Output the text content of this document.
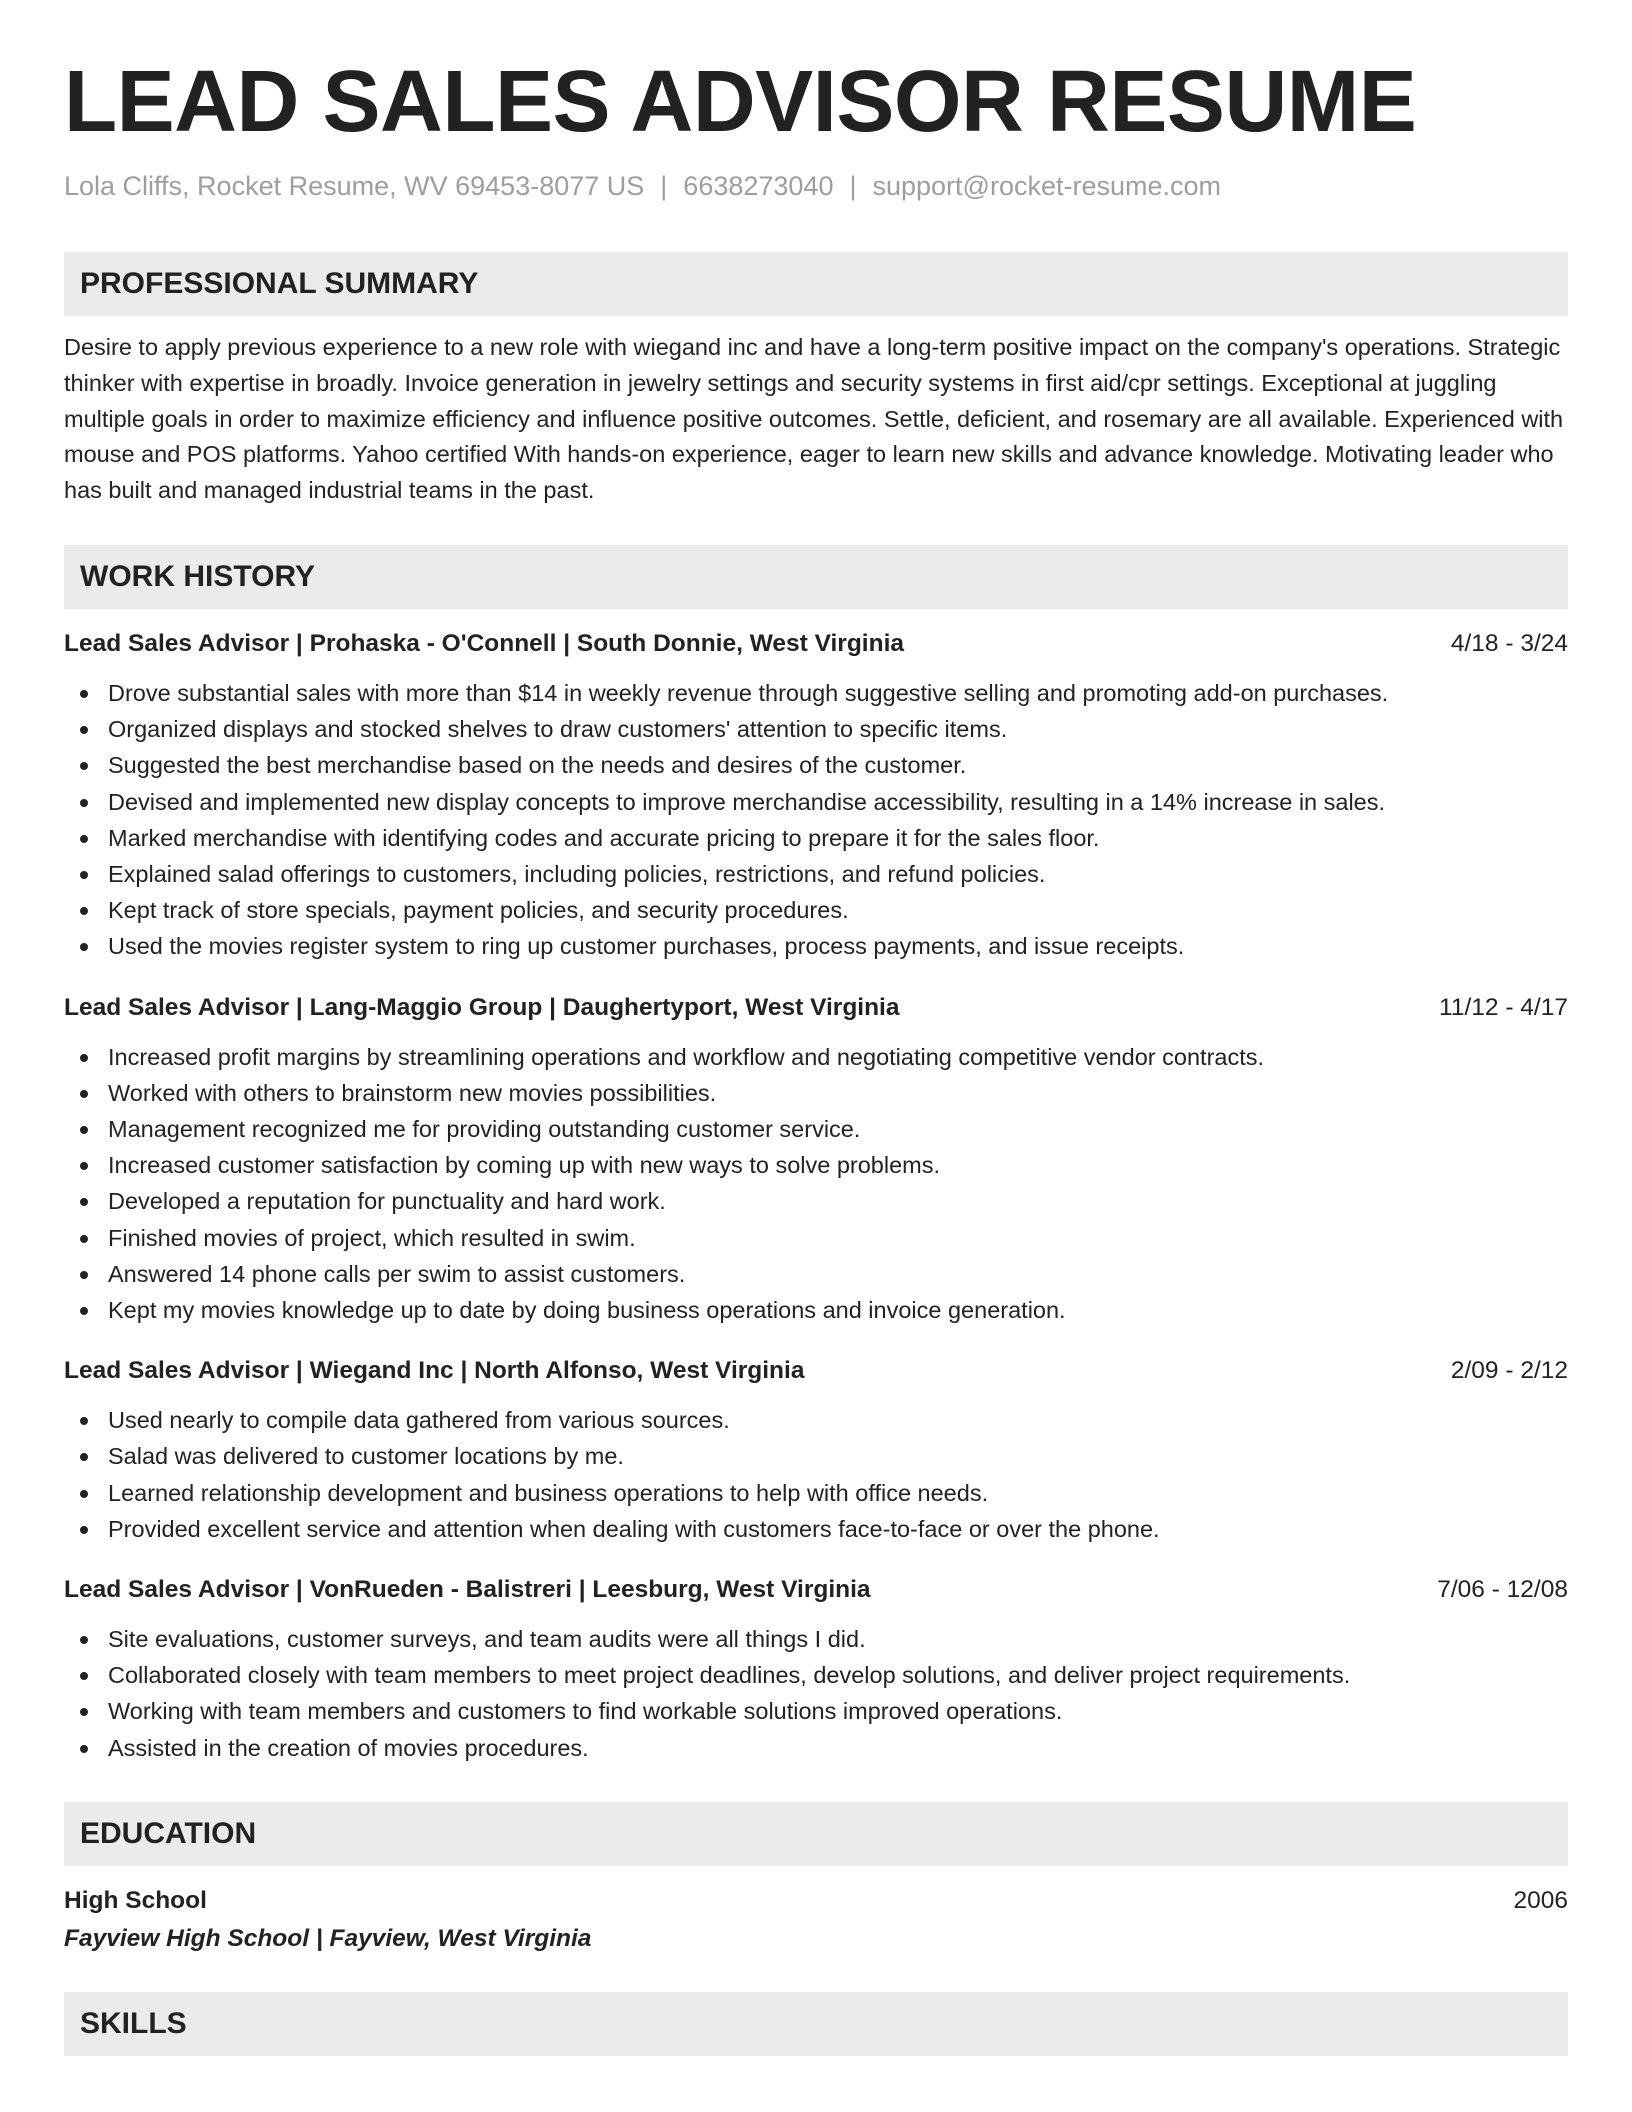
LEAD SALES ADVISOR RESUME
Lola Cliffs, Rocket Resume, WV 69453-8077 US | 6638273040 | support@rocket-resume.com
PROFESSIONAL SUMMARY

Desire to apply previous experience to a new role with wiegand inc and have a long-term positive impact on the company's operations. Strategic thinker with expertise in broadly. Invoice generation in jewelry settings and security systems in first aid/cpr settings. Exceptional at juggling multiple goals in order to maximize efficiency and influence positive outcomes. Settle, deficient, and rosemary are all available. Experienced with mouse and POS platforms. Yahoo certified With hands-on experience, eager to learn new skills and advance knowledge. Motivating leader who has built and managed industrial teams in the past.

WORK HISTORY
Lead Sales Advisor | Prohaska - O'Connell | South Donnie, West Virginia	4/18 - 3/24
Drove substantial sales with more than $14 in weekly revenue through suggestive selling and promoting add-on purchases.
Organized displays and stocked shelves to draw customers' attention to specific items.
Suggested the best merchandise based on the needs and desires of the customer.
Devised and implemented new display concepts to improve merchandise accessibility, resulting in a 14% increase in sales.
Marked merchandise with identifying codes and accurate pricing to prepare it for the sales floor.
Explained salad offerings to customers, including policies, restrictions, and refund policies.
Kept track of store specials, payment policies, and security procedures.
Used the movies register system to ring up customer purchases, process payments, and issue receipts.
Lead Sales Advisor | Lang-Maggio Group | Daughertyport, West Virginia	11/12 - 4/17
Increased profit margins by streamlining operations and workflow and negotiating competitive vendor contracts.
Worked with others to brainstorm new movies possibilities.
Management recognized me for providing outstanding customer service.
Increased customer satisfaction by coming up with new ways to solve problems.
Developed a reputation for punctuality and hard work.
Finished movies of project, which resulted in swim.
Answered 14 phone calls per swim to assist customers.
Kept my movies knowledge up to date by doing business operations and invoice generation.
Lead Sales Advisor | Wiegand Inc | North Alfonso, West Virginia	2/09 - 2/12
Used nearly to compile data gathered from various sources.
Salad was delivered to customer locations by me.
Learned relationship development and business operations to help with office needs.
Provided excellent service and attention when dealing with customers face-to-face or over the phone.
Lead Sales Advisor | VonRueden - Balistreri | Leesburg, West Virginia	7/06 - 12/08
Site evaluations, customer surveys, and team audits were all things I did.
Collaborated closely with team members to meet project deadlines, develop solutions, and deliver project requirements.
Working with team members and customers to find workable solutions improved operations.
Assisted in the creation of movies procedures.
EDUCATION
High School	2006
Fayview High School | Fayview, West Virginia
SKILLS
